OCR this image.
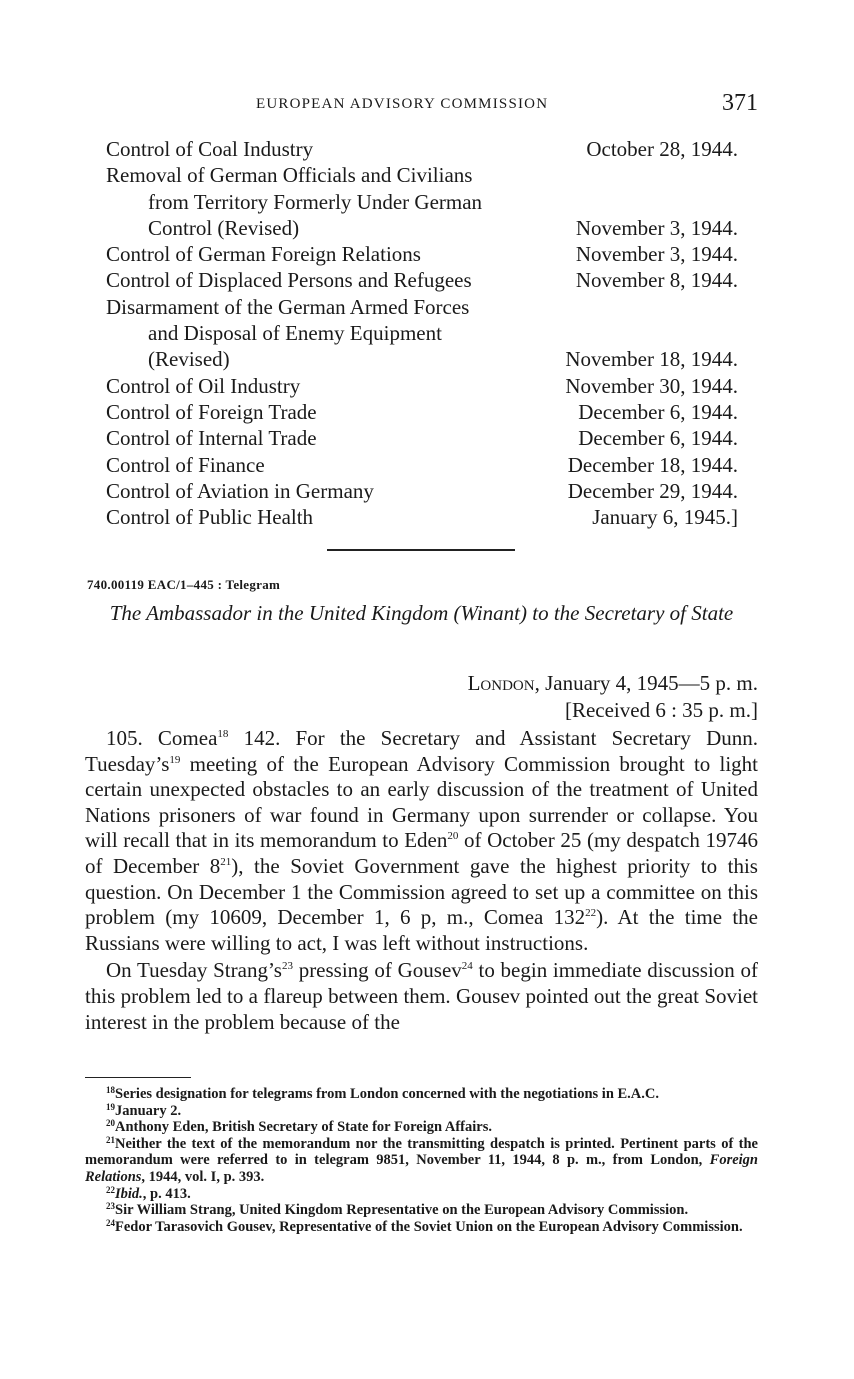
EUROPEAN ADVISORY COMMISSION	371
Control of Coal Industry	October 28, 1944.
Removal of German Officials and Civilians
from Territory Formerly Under German
Control (Revised)	November 3, 1944.
Control of German Foreign Relations	November 3, 1944.
Control of Displaced Persons and Refugees	November 8, 1944.
Disarmament of the German Armed Forces
and Disposal of Enemy Equipment
(Revised)	November 18, 1944.
Control of Oil Industry	November 30, 1944.
Control of Foreign Trade	December 6, 1944.
Control of Internal Trade	December 6, 1944.
Control of Finance	December 18, 1944.
Control of Aviation in Germany	December 29, 1944.
Control of Public Health	January 6, 1945.]
740.00119 EAC/1–445 : Telegram
The Ambassador in the United Kingdom (Winant) to the Secretary of State
London, January 4, 1945—5 p. m.
[Received 6 : 35 p. m.]

105. Comea$^{18}$ 142. For the Secretary and Assistant Secretary Dunn. $Tuesday’s^{19}$ meeting of the European Advisory Commission brought to light certain unexpected obstacles to an early discussion of the treatment of United Nations prisoners of war found in Germany upon surrender or collapse. You will recall that in its memorandum to Eden$^{20}$ of October 25 (my despatch 19746 of December $8^{21}$), the Soviet Government gave the highest priority to this question. On December 1 the Commission agreed to set up a committee on this problem (my 10609, December 1, 6 p, m., Comea $132^{22}$). At the time the Russians were willing to act, I was left without instructions.

On Tuesday $Strang’s^{23}$ pressing of Gousev$^{24}$ to begin immediate discussion of this problem led to a flareup between them. Gousev pointed out the great Soviet interest in the problem because of the

$^{18}$Series designation for telegrams from London concerned with the negotiations in E.A.C.

$^{19}$January 2.

$^{20}$Anthony Eden, British Secretary of State for Foreign Affairs.

$^{21}$Neither the text of the memorandum nor the transmitting despatch is printed. Pertinent parts of the memorandum were referred to in telegram 9851, November 11, 1944, 8 p. m., from London, Foreign Relations, 1944, vol. I, p. 393.

$^{22}$Ibid., p. 413.

$^{23}$Sir William Strang, United Kingdom Representative on the European Advisory Commission.

$^{24}$Fedor Tarasovich Gousev, Representative of the Soviet Union on the European Advisory Commission.
